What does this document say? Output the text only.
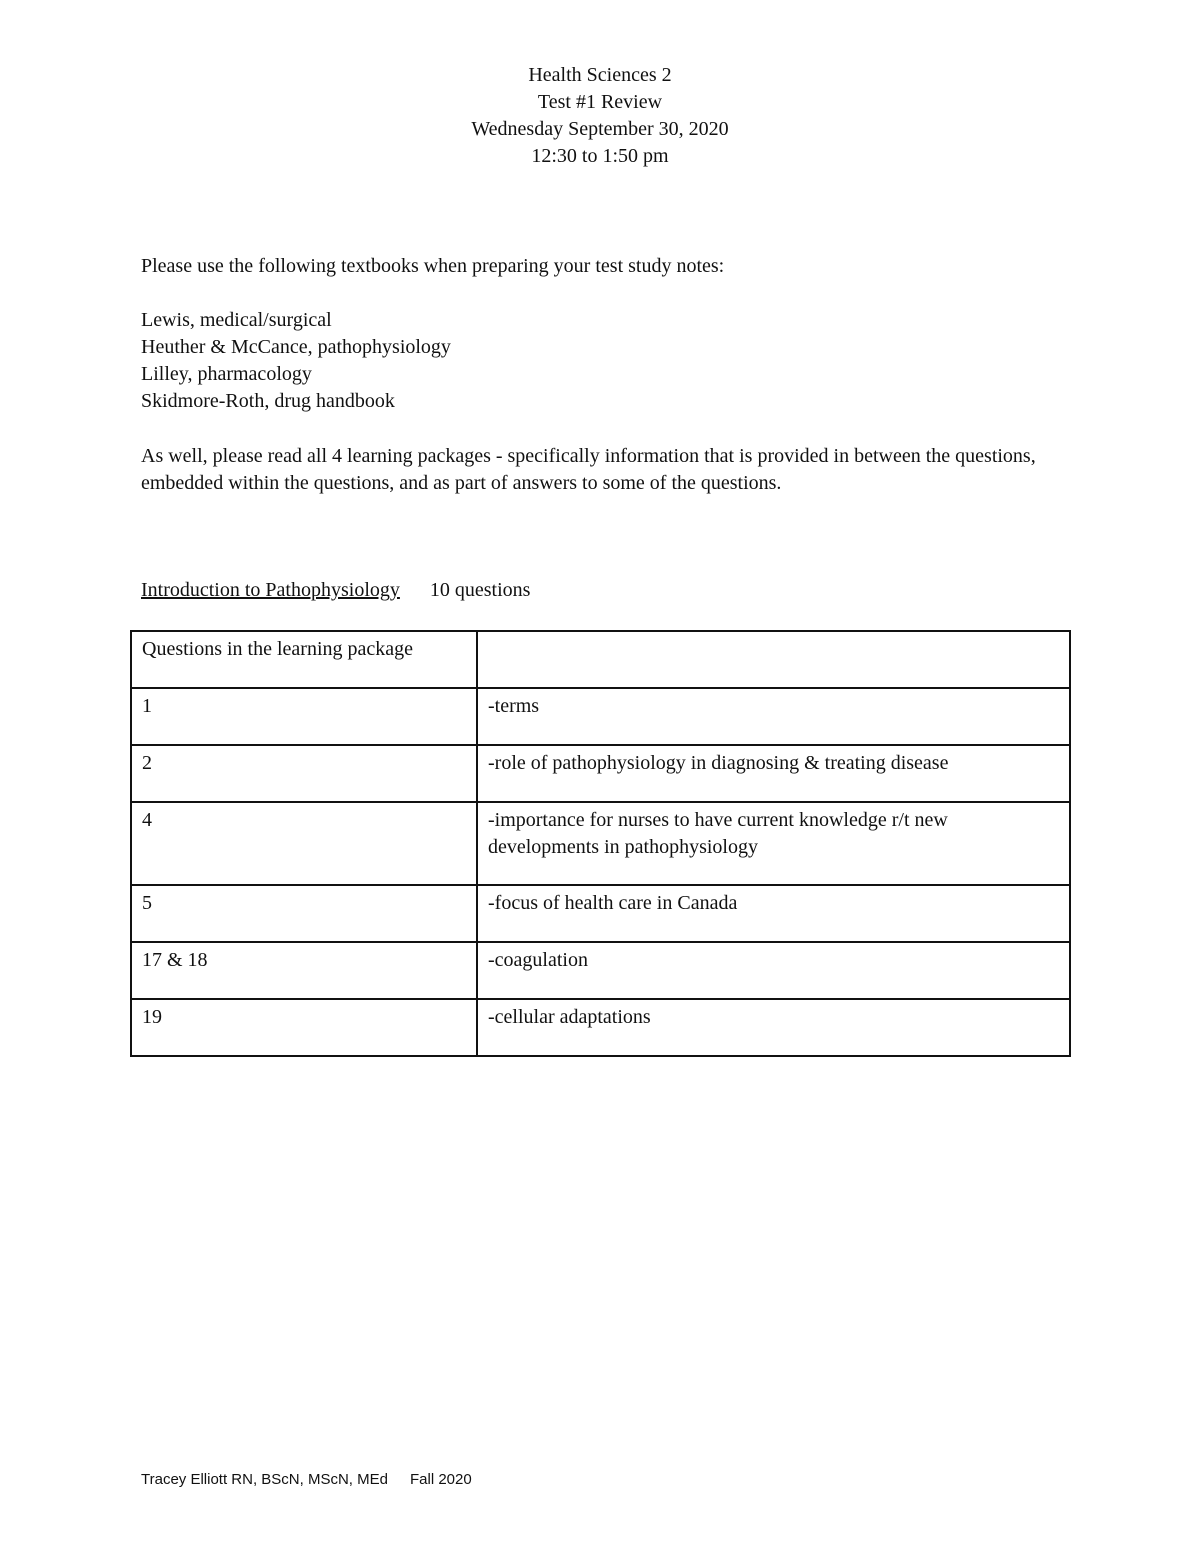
Health Sciences 2
Test #1 Review
Wednesday September 30, 2020
12:30 to 1:50 pm
Please use the following textbooks when preparing your test study notes:
Lewis, medical/surgical
Heuther & McCance, pathophysiology
Lilley, pharmacology
Skidmore-Roth, drug handbook
As well, please read all 4 learning packages - specifically information that is provided in between the questions, embedded within the questions, and as part of answers to some of the questions.
Introduction to Pathophysiology 10 questions
Questions in the learning package	
1	-terms
2	-role of pathophysiology in diagnosing & treating disease
4	-importance for nurses to have current knowledge r/t new developments in pathophysiology
5	-focus of health care in Canada
17 & 18	-coagulation
19	-cellular adaptations
Tracey Elliott RN, BScN, MScN, MEd Fall 2020
